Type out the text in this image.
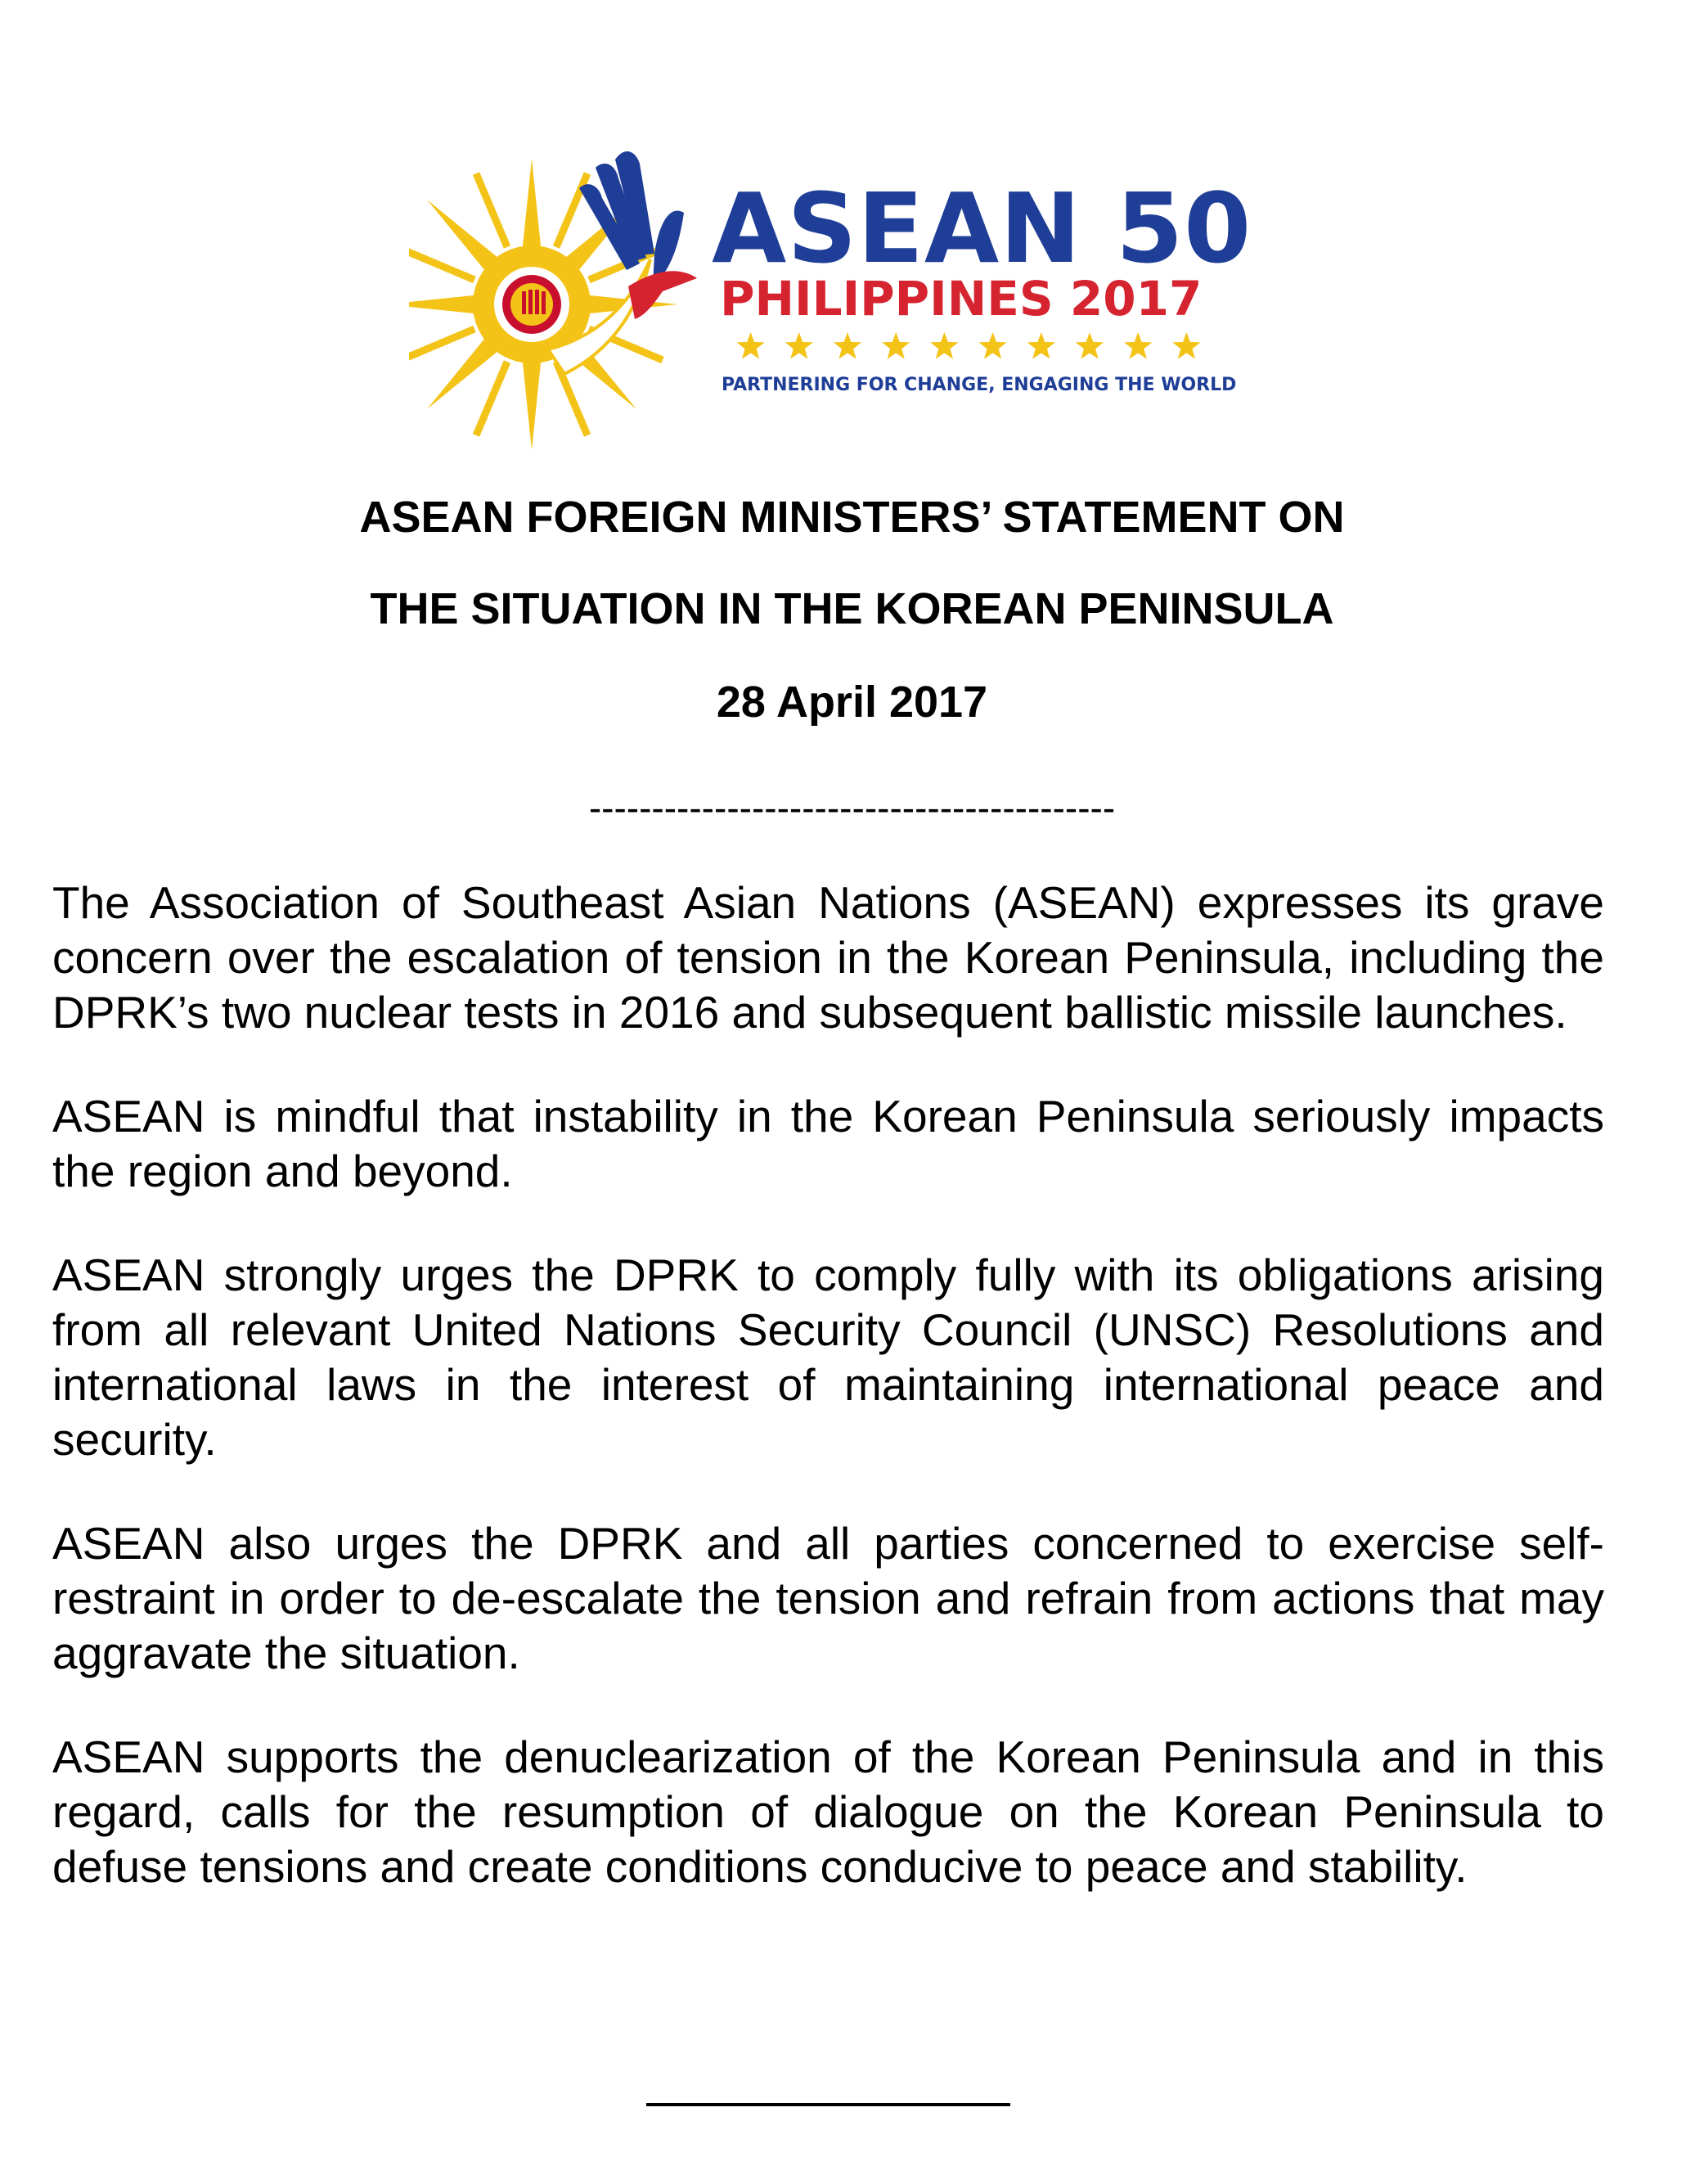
ASEAN 50
PHILIPPINES 2017
PARTNERING FOR CHANGE, ENGAGING THE WORLD
ASEAN FOREIGN MINISTERS’ STATEMENT ON
THE SITUATION IN THE KOREAN PENINSULA
28 April 2017
------------------------------------------

The Association of Southeast Asian Nations (ASEAN) expresses its grave concern over the escalation of tension in the Korean Peninsula, including the DPRK’s two nuclear tests in 2016 and subsequent ballistic missile launches.

ASEAN is mindful that instability in the Korean Peninsula seriously impacts the region and beyond.

ASEAN strongly urges the DPRK to comply fully with its obligations arising from all relevant United Nations Security Council (UNSC) Resolutions and international laws in the interest of maintaining international peace and security.

ASEAN also urges the DPRK and all parties concerned to exercise self-restraint in order to de-escalate the tension and refrain from actions that may aggravate the situation.

ASEAN supports the denuclearization of the Korean Peninsula and in this regard, calls for the resumption of dialogue on the Korean Peninsula to defuse tensions and create conditions conducive to peace and stability.
